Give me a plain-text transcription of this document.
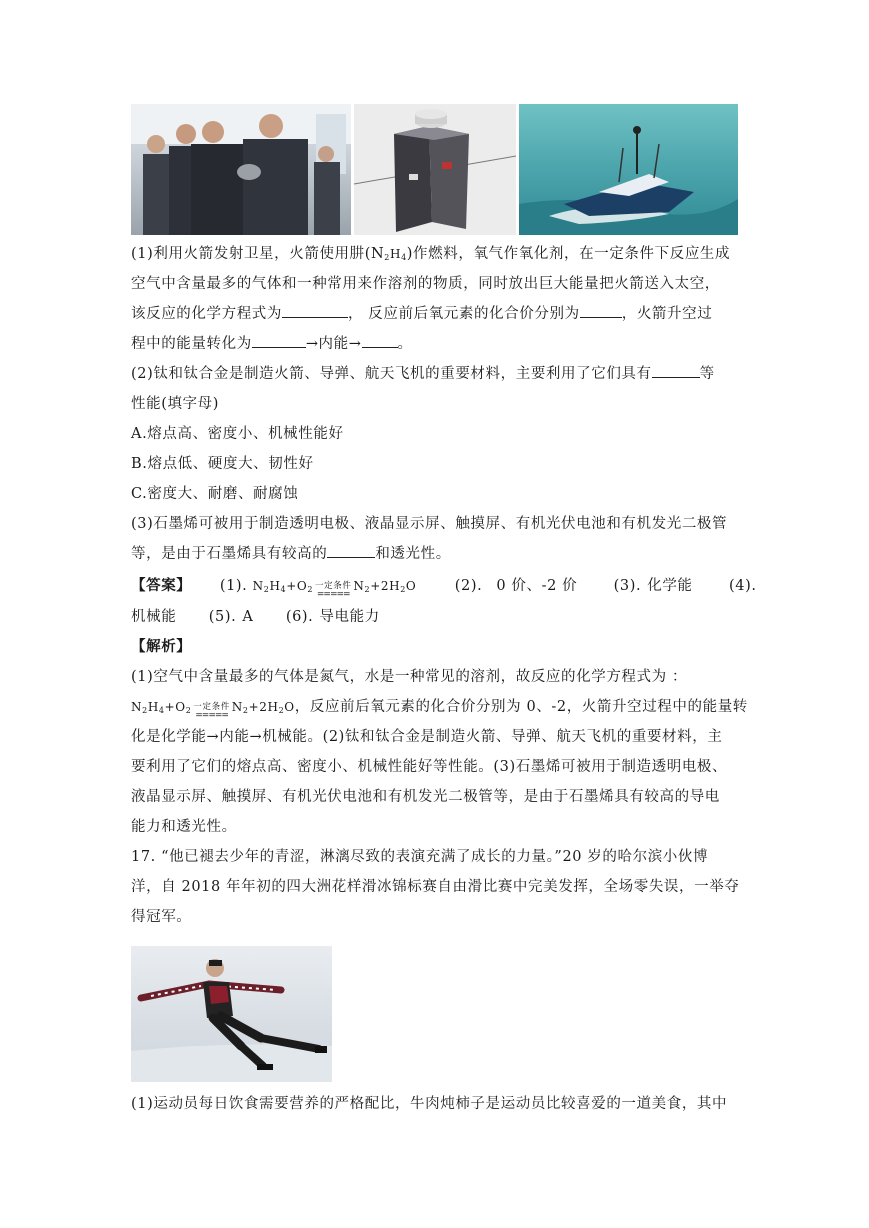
(1)利用火箭发射卫星，火箭使用肼$(N_2H_4)$作燃料，氧气作氧化剂，在一定条件下反应生成
空气中含量最多的气体和一种常用来作溶剂的物质，同时放出巨大能量把火箭送入太空，
该反应的化学方程式为	， 反应前后氧元素的化合价分别为	，火箭升空过
程中的能量转化为	→内能→ 。
(2)钛和钛合金是制造火箭、导弹、航天飞机的重要材料，主要利用了它们具有	等
性能(填字母)
A.熔点高、密度小、机械性能好
B.熔点低、硬度大、韧性好
C.密度大、耐磨、耐腐蚀
(3)石墨烯可被用于制造透明电极、液晶显示屏、触摸屏、有机光伏电池和有机发光二极管
等，是由于石墨烯具有较高的	和透光性。
【答案】 (1). $N_2H_4+O_2$ 一定条件
=====
$N_2+2H_2O$	(2). 0 价、-2 价	(3). 化学能	(4).
机械能 (5). A (6). 导电能力
【解析】
(1)空气中含量最多的气体是氮气，水是一种常见的溶剂，故反应的化学方程式为 ：
$N_2H_4+O_2$ 一定条件
=====
$N_2+2H_2O$，反应前后氧元素的化合价分别为 0、-2，火箭升空过程中的能量转
化是化学能→内能→机械能。(2)钛和钛合金是制造火箭、导弹、航天飞机的重要材料，主
要利用了它们的熔点高、密度小、机械性能好等性能。(3)石墨烯可被用于制造透明电极、
液晶显示屏、触摸屏、有机光伏电池和有机发光二极管等，是由于石墨烯具有较高的导电
能力和透光性。
17. “他已褪去少年的青涩，淋漓尽致的表演充满了成长的力量。”20 岁的哈尔滨小伙博
洋，自 2018 年年初的四大洲花样滑冰锦标赛自由滑比赛中完美发挥，全场零失误，一举夺
得冠军。
.
(1)运动员每日饮食需要营养的严格配比，牛肉炖柿子是运动员比较喜爱的一道美食，其中
